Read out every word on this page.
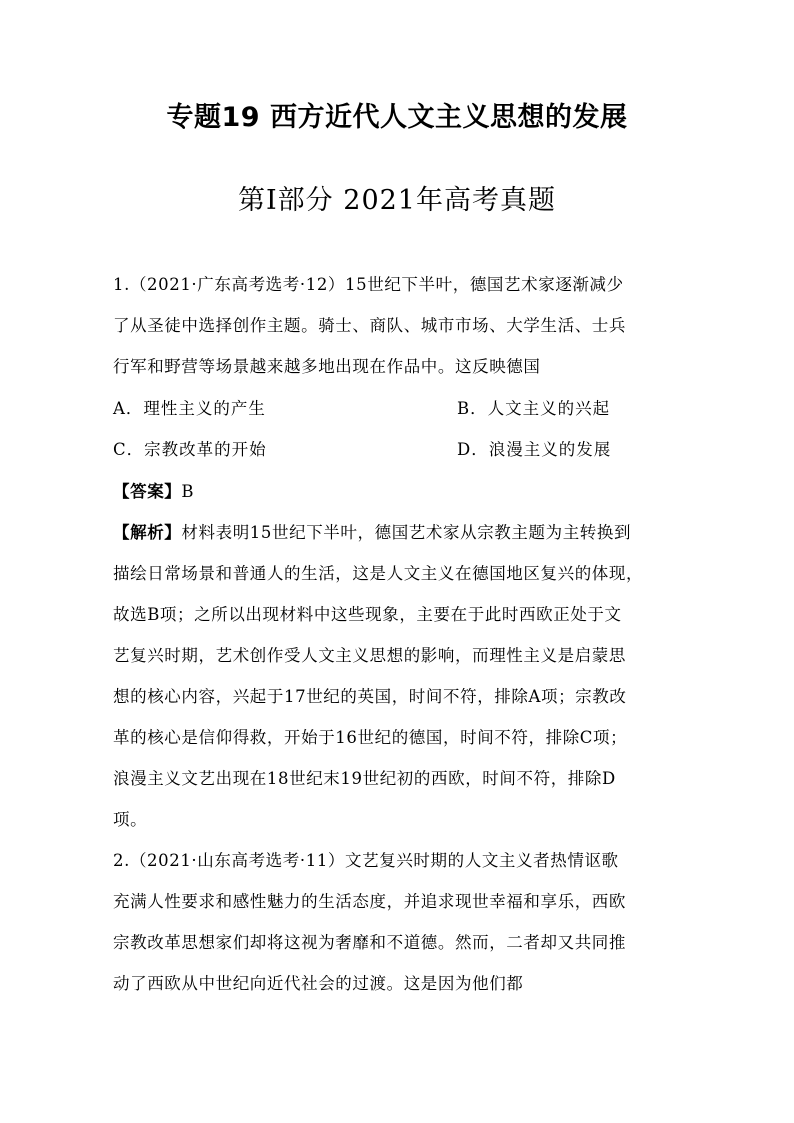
专题19 西方近代人文主义思想的发展
第Ⅰ部分 2021年高考真题
1.（2021·广东高考选考·12）15世纪下半叶，德国艺术家逐渐减少
了从圣徒中选择创作主题。骑士、商队、城市市场、大学生活、士兵
行军和野营等场景越来越多地出现在作品中。这反映德国
A．理性主义的产生	B．人文主义的兴起
C．宗教改革的开始	D．浪漫主义的发展
【答案】B
【解析】材料表明15世纪下半叶，德国艺术家从宗教主题为主转换到
描绘日常场景和普通人的生活，这是人文主义在德国地区复兴的体现，
故选B项；之所以出现材料中这些现象，主要在于此时西欧正处于文
艺复兴时期，艺术创作受人文主义思想的影响，而理性主义是启蒙思
想的核心内容，兴起于17世纪的英国，时间不符，排除A项；宗教改
革的核心是信仰得救，开始于16世纪的德国，时间不符，排除C项；
浪漫主义文艺出现在18世纪末19世纪初的西欧，时间不符，排除D
项。
2.（2021·山东高考选考·11）文艺复兴时期的人文主义者热情讴歌
充满人性要求和感性魅力的生活态度，并追求现世幸福和享乐，西欧
宗教改革思想家们却将这视为奢靡和不道德。然而，二者却又共同推
动了西欧从中世纪向近代社会的过渡。这是因为他们都
